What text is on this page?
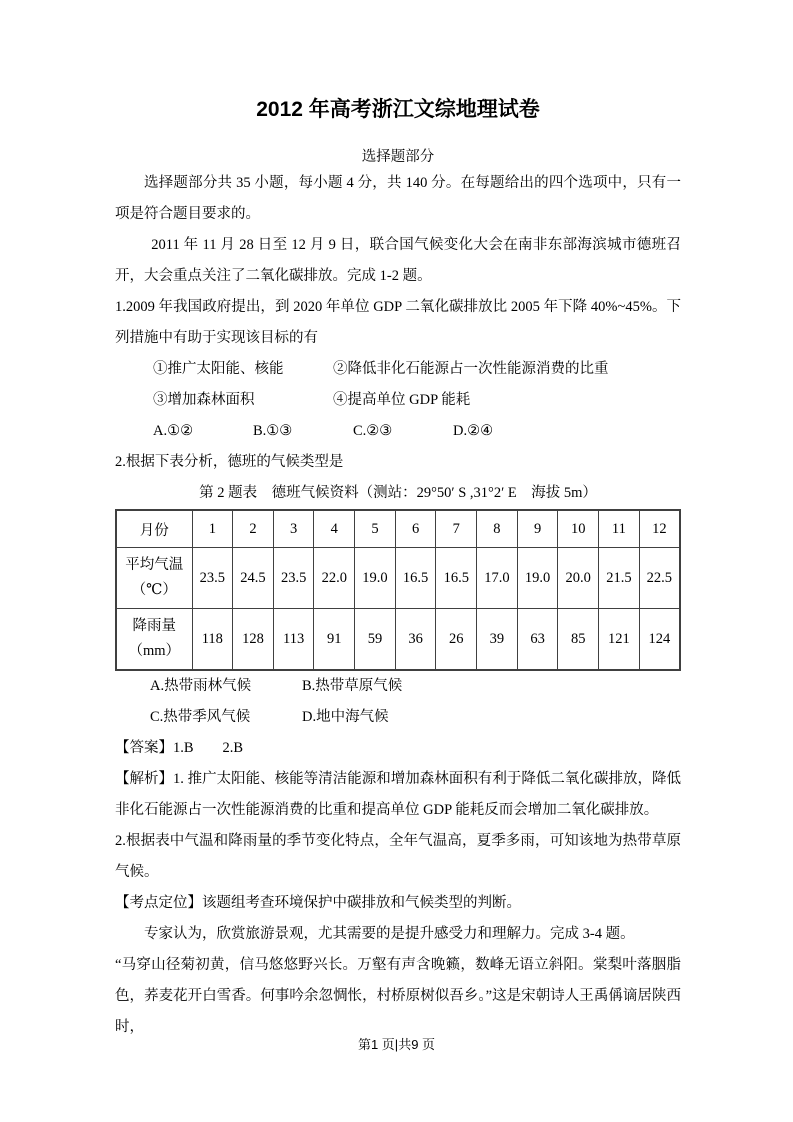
2012 年高考浙江文综地理试卷
选择题部分

选择题部分共 35 小题，每小题 4 分，共 140 分。在每题给出的四个选项中，只有一项是符合题目要求的。

2011 年 11 月 28 日至 12 月 9 日，联合国气候变化大会在南非东部海滨城市德班召开，大会重点关注了二氧化碳排放。完成 1-2 题。

1.2009 年我国政府提出，到 2020 年单位 GDP 二氧化碳排放比 2005 年下降 40%~45%。下列措施中有助于实现该目标的有

①推广太阳能、核能	②降低非化石能源占一次性能源消费的比重
③增加森林面积	④提高单位 GDP 能耗
A.①②	B.①③	C.②③	D.②④

2.根据下表分析，德班的气候类型是

第 2 题表　德班气候资料（测站：29°50′ S ,31°2′ E　海拔 5m）

月份	1	2	3	4	5	6	7	8	9	10	11	12

平均气温
（℃）	23.5	24.5	23.5	22.0	19.0	16.5	16.5	17.0	19.0	20.0	21.5	22.5

降雨量
（mm）	118	128	113	91	59	36	26	39	63	85	121	124
A.热带雨林气候	B.热带草原气候
C.热带季风气候	D.地中海气候

【答案】1.B　　2.B

【解析】1. 推广太阳能、核能等清洁能源和增加森林面积有利于降低二氧化碳排放，降低非化石能源占一次性能源消费的比重和提高单位 GDP 能耗反而会增加二氧化碳排放。

2.根据表中气温和降雨量的季节变化特点，全年气温高，夏季多雨，可知该地为热带草原气候。

【考点定位】该题组考查环境保护中碳排放和气候类型的判断。

专家认为，欣赏旅游景观，尤其需要的是提升感受力和理解力。完成 3-4 题。

“马穿山径菊初黄，信马悠悠野兴长。万壑有声含晚籁，数峰无语立斜阳。棠梨叶落胭脂色，荞麦花开白雪香。何事吟余忽惆怅，村桥原树似吾乡。”这是宋朝诗人王禹偁谪居陕西时，

第1 页|共9 页
